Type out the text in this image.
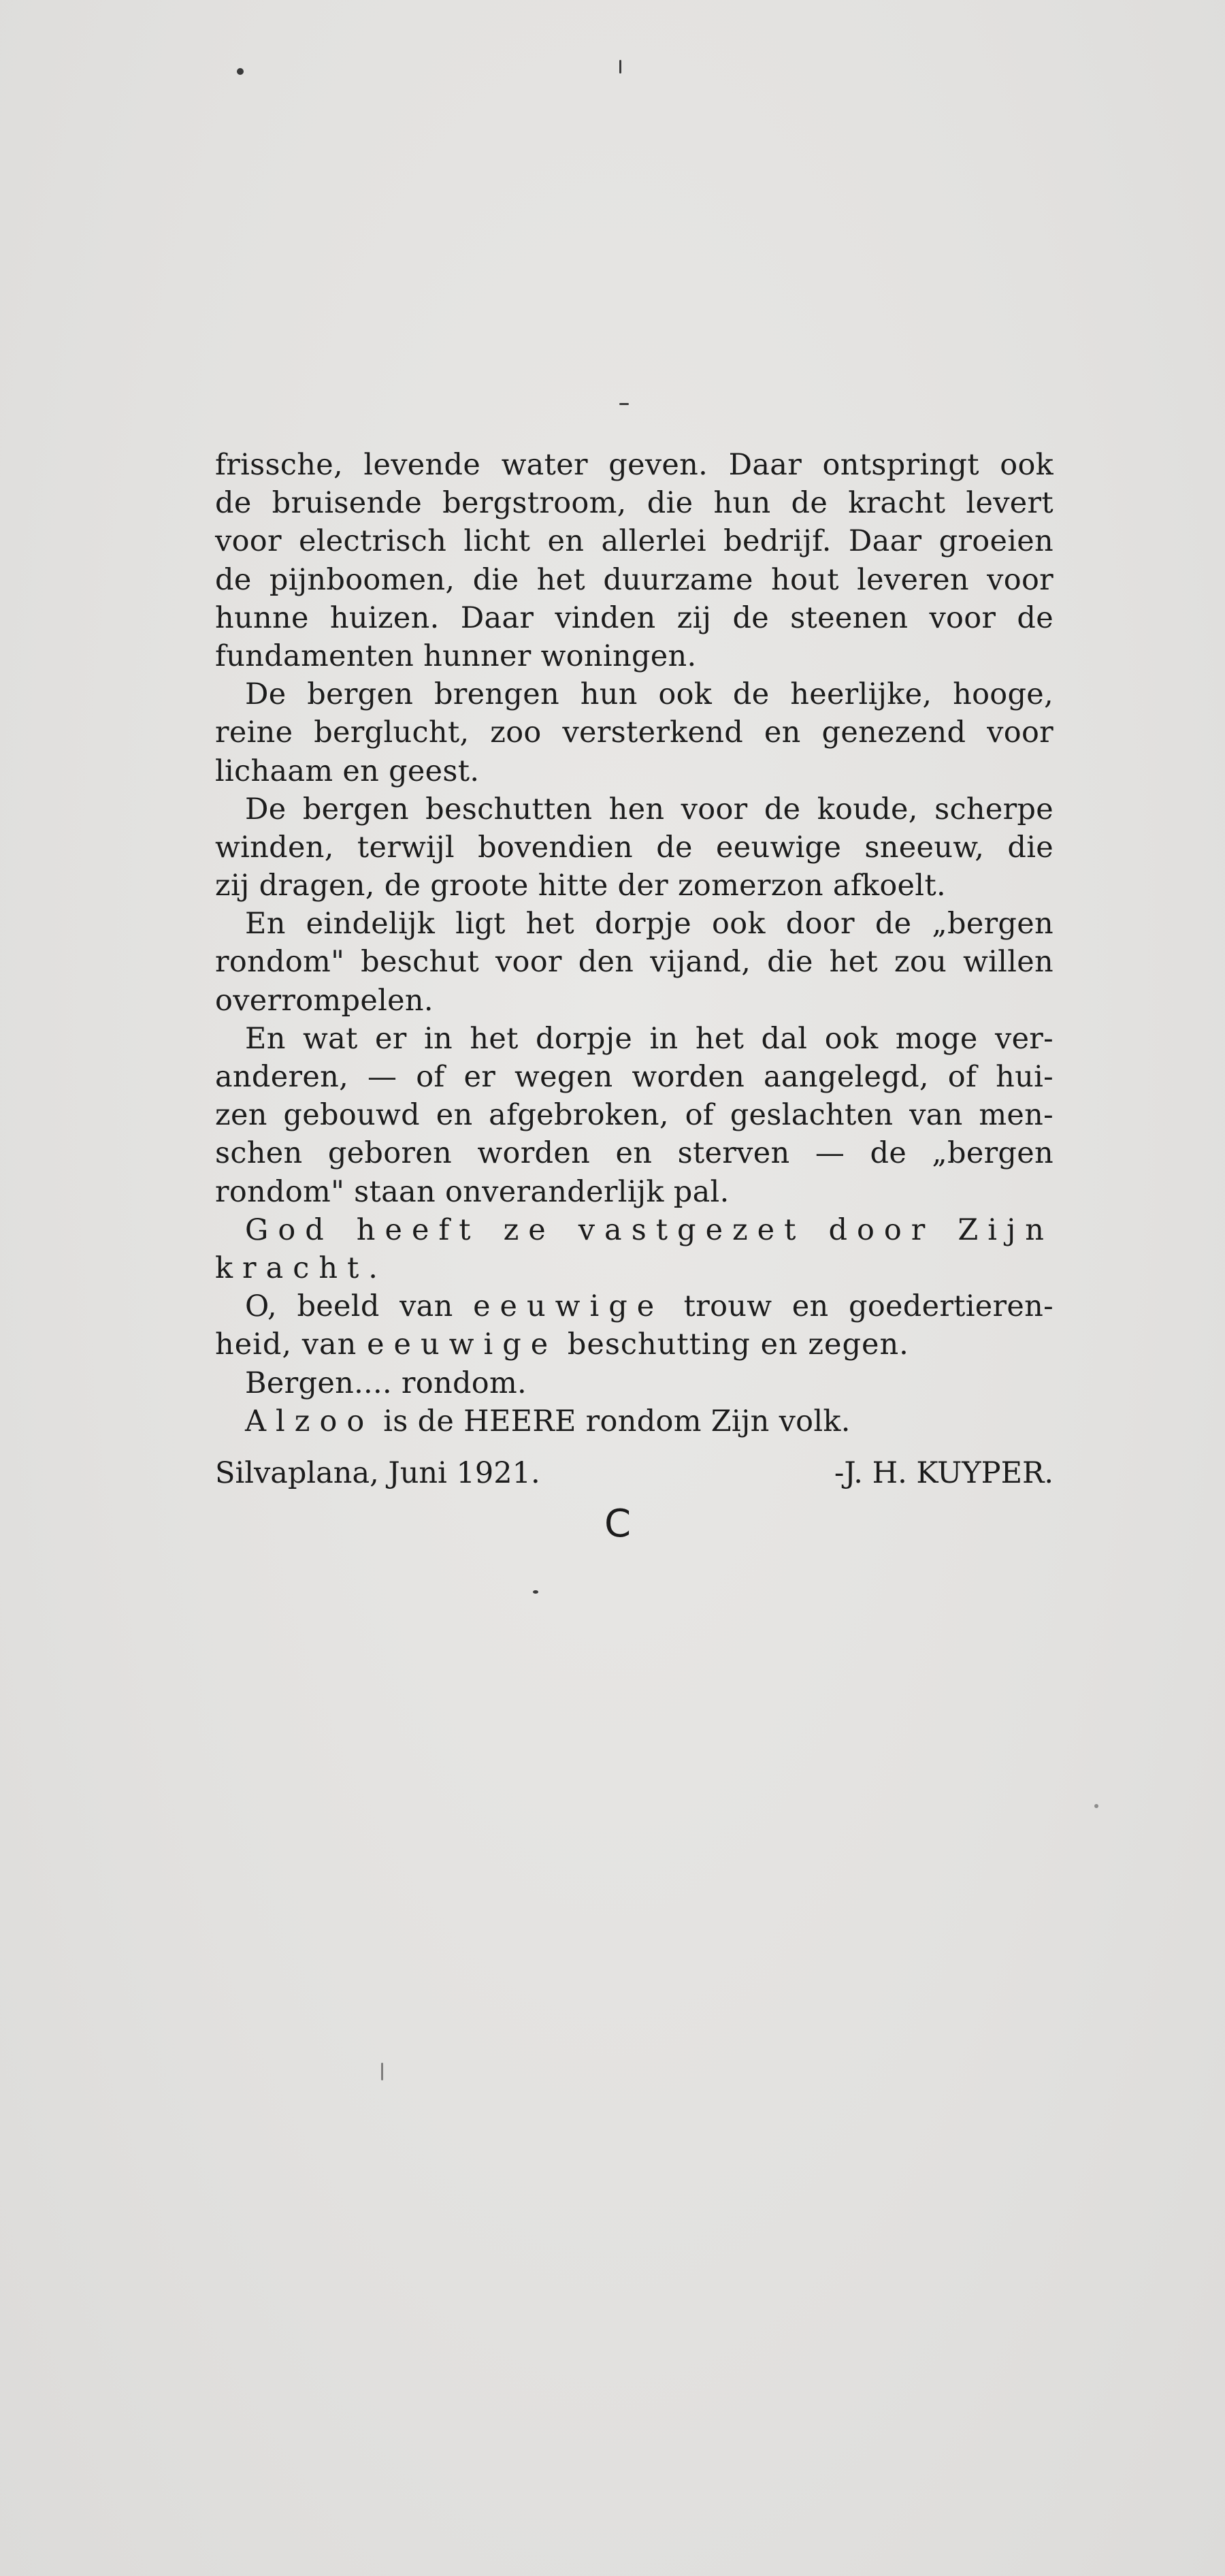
frissche, levende water geven. Daar ontspringt ook
de bruisende bergstroom, die hun de kracht levert
voor electrisch licht en allerlei bedrijf. Daar groeien
de pijnboomen, die het duurzame hout leveren voor
hunne huizen. Daar vinden zij de steenen voor de
fundamenten hunner woningen.
De bergen brengen hun ook de heerlijke, hooge,
reine berglucht, zoo versterkend en genezend voor
lichaam en geest.
De bergen beschutten hen voor de koude, scherpe
winden, terwijl bovendien de eeuwige sneeuw, die
zij dragen, de groote hitte der zomerzon afkoelt.
En eindelijk ligt het dorpje ook door de „bergen
rondom" beschut voor den vijand, die het zou willen
overrompelen.
En wat er in het dorpje in het dal ook moge ver-
anderen, — of er wegen worden aangelegd, of hui-
zen gebouwd en afgebroken, of geslachten van men-
schen geboren worden en sterven — de „bergen
rondom" staan onveranderlijk pal.
God heeft ze vastgezet door Zijn
kracht.
O, beeld van eeuwige trouw en goedertieren-
heid, van eeuwige beschutting en zegen.
Bergen.... rondom.
Alzoo is de HEERE rondom Zijn volk.
Silvaplana, Juni 1921.	-J. H. KUYPER.
C
